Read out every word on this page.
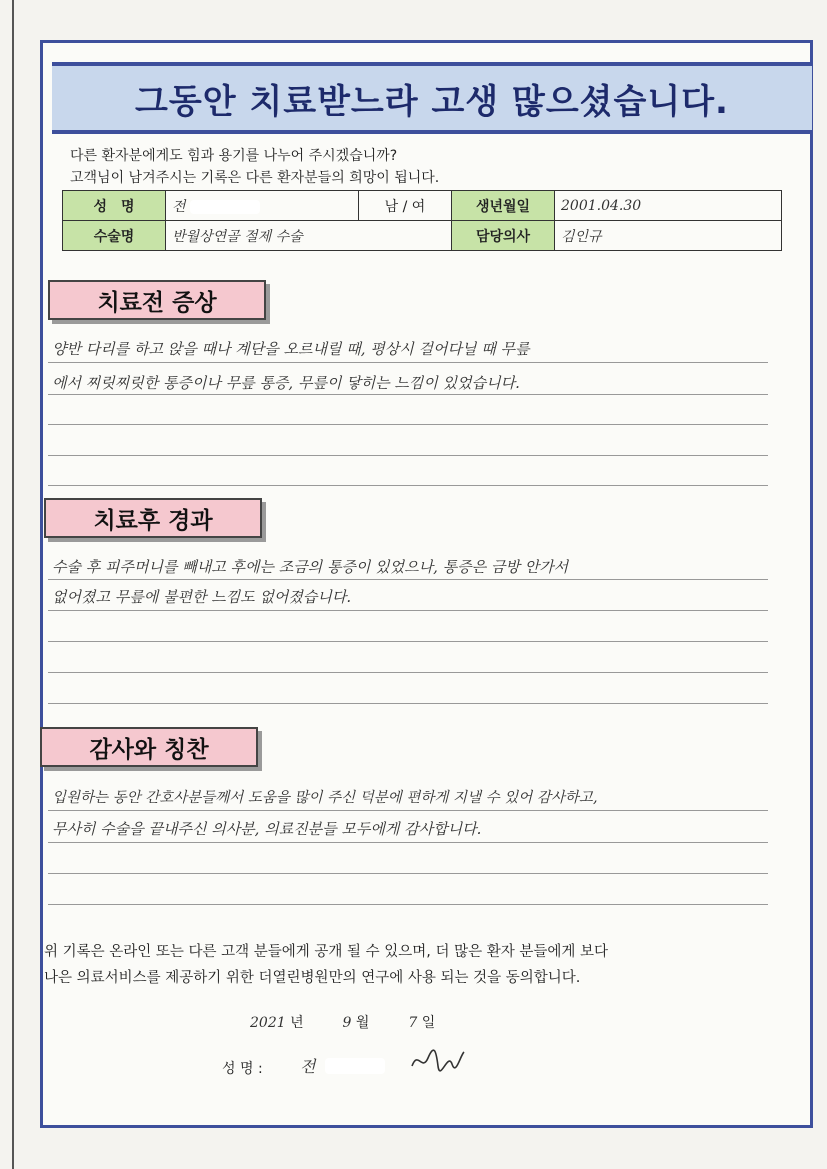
그동안 치료받느라 고생 많으셨습니다.
다른 환자분에게도 힘과 용기를 나누어 주시겠습니까?
고객님이 남겨주시는 기록은 다른 환자분들의 희망이 됩니다.
성　명	전	남 / 여	생년월일	2001.04.30
수술명	반월상연골 절제 수술		담당의사	김인규
치료전 증상
양반 다리를 하고 앉을 때나 계단을 오르내릴 때, 평상시 걸어다닐 때 무릎
에서 찌릿찌릿한 통증이나 무릎 통증, 무릎이 닿히는 느낌이 있었습니다.
치료후 경과
수술 후 피주머니를 빼내고 후에는 조금의 통증이 있었으나, 통증은 금방 안가서
없어졌고 무릎에 불편한 느낌도 없어졌습니다.
감사와 칭찬
입원하는 동안 간호사분들께서 도움을 많이 주신 덕분에 편하게 지낼 수 있어 감사하고,
무사히 수술을 끝내주신 의사분, 의료진분들 모두에게 감사합니다.
위 기록은 온라인 또는 다른 고객 분들에게 공개 될 수 있으며, 더 많은 환자 분들에게 보다
나은 의료서비스를 제공하기 위한 더열린병원만의 연구에 사용 되는 것을 동의합니다.
2021 년	9 월	7 일
성 명 : 전
